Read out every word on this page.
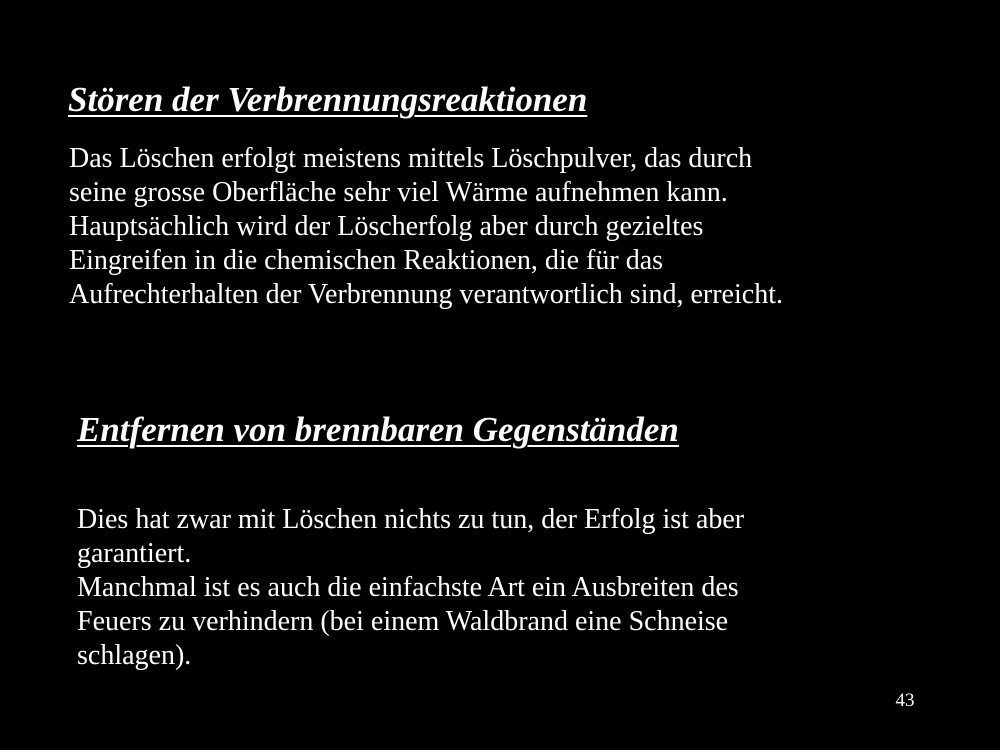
Stören der Verbrennungsreaktionen

Das Löschen erfolgt meistens mittels Löschpulver, das durch
seine grosse Oberfläche sehr viel Wärme aufnehmen kann.
Hauptsächlich wird der Löscherfolg aber durch gezieltes
Eingreifen in die chemischen Reaktionen, die für das
Aufrechterhalten der Verbrennung verantwortlich sind, erreicht.

Entfernen von brennbaren Gegenständen

Dies hat zwar mit Löschen nichts zu tun, der Erfolg ist aber
garantiert.
Manchmal ist es auch die einfachste Art ein Ausbreiten des
Feuers zu verhindern (bei einem Waldbrand eine Schneise
schlagen).

43
